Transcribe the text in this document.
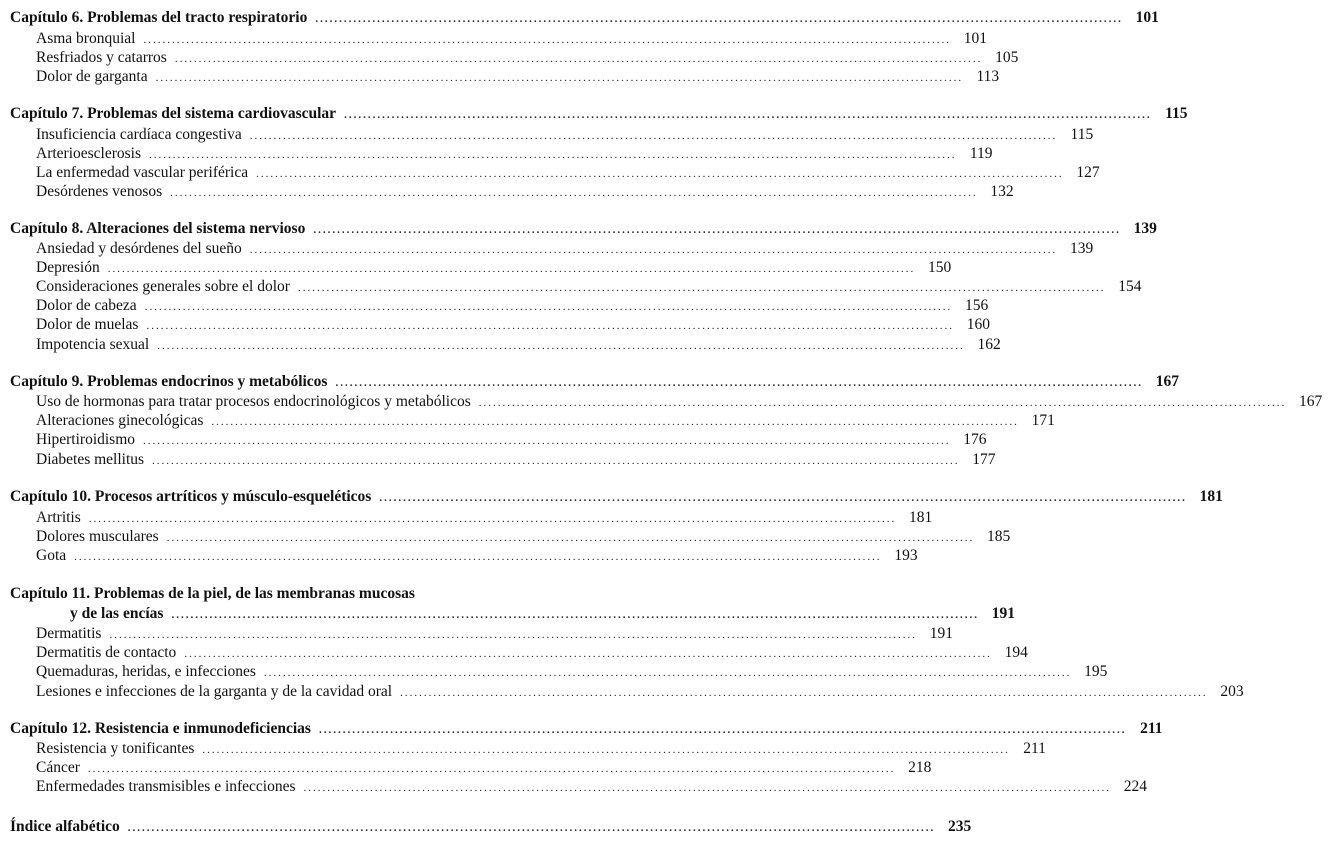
Capítulo 6. Problemas del tracto respiratorio .....	101
Asma bronquial .....	101
Resfriados y catarros .....	105
Dolor de garganta .....	113
Capítulo 7. Problemas del sistema cardiovascular .....	115
Insuficiencia cardíaca congestiva .....	115
Arterioesclerosis .....	119
La enfermedad vascular periférica .....	127
Desórdenes venosos .....	132
Capítulo 8. Alteraciones del sistema nervioso .....	139
Ansiedad y desórdenes del sueño .....	139
Depresión .....	150
Consideraciones generales sobre el dolor .....	154
Dolor de cabeza .....	156
Dolor de muelas .....	160
Impotencia sexual .....	162
Capítulo 9. Problemas endocrinos y metabólicos .....	167
Uso de hormonas para tratar procesos endocrinológicos y metabólicos .....	167
Alteraciones ginecológicas .....	171
Hipertiroidismo .....	176
Diabetes mellitus .....	177
Capítulo 10. Procesos artríticos y músculo-esqueléticos .....	181
Artritis .....	181
Dolores musculares .....	185
Gota .....	193
Capítulo 11. Problemas de la piel, de las membranas mucosas
y de las encías .....	191
Dermatitis .....	191
Dermatitis de contacto .....	194
Quemaduras, heridas, e infecciones .....	195
Lesiones e infecciones de la garganta y de la cavidad oral .....	203
Capítulo 12. Resistencia e inmunodeficiencias .....	211
Resistencia y tonificantes .....	211
Cáncer .....	218
Enfermedades transmisibles e infecciones .....	224
Índice alfabético .....	235
